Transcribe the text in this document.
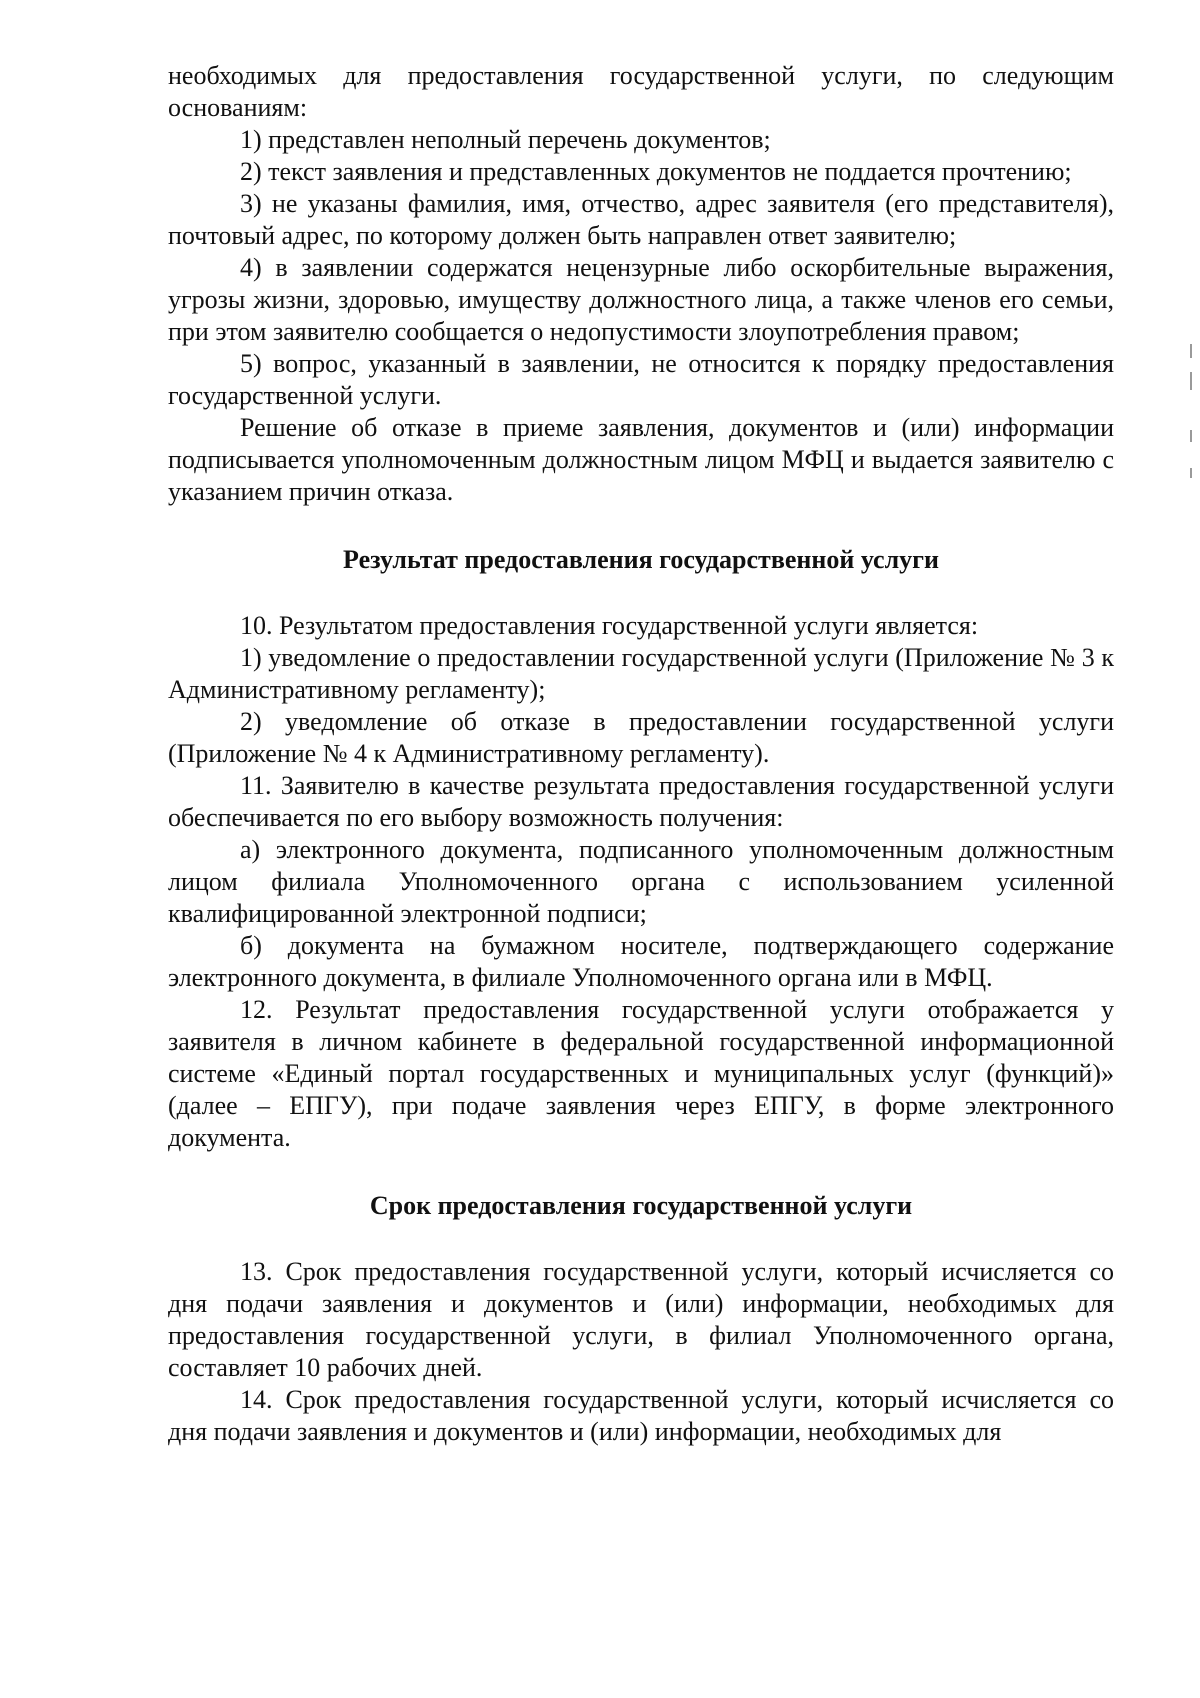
необходимых для предоставления государственной услуги, по следующим основаниям:

1) представлен неполный перечень документов;

2) текст заявления и представленных документов не поддается прочтению;

3) не указаны фамилия, имя, отчество, адрес заявителя (его представителя), почтовый адрес, по которому должен быть направлен ответ заявителю;

4) в заявлении содержатся нецензурные либо оскорбительные выражения, угрозы жизни, здоровью, имуществу должностного лица, а также членов его семьи, при этом заявителю сообщается о недопустимости злоупотребления правом;

5) вопрос, указанный в заявлении, не относится к порядку предоставления государственной услуги.

Решение об отказе в приеме заявления, документов и (или) информации подписывается уполномоченным должностным лицом МФЦ и выдается заявителю с указанием причин отказа.

Результат предоставления государственной услуги

10. Результатом предоставления государственной услуги является:

1) уведомление о предоставлении государственной услуги (Приложение № 3 к Административному регламенту);

2) уведомление об отказе в предоставлении государственной услуги (Приложение № 4 к Административному регламенту).

11. Заявителю в качестве результата предоставления государственной услуги обеспечивается по его выбору возможность получения:

а) электронного документа, подписанного уполномоченным должностным лицом филиала Уполномоченного органа с использованием усиленной квалифицированной электронной подписи;

б) документа на бумажном носителе, подтверждающего содержание электронного документа, в филиале Уполномоченного органа или в МФЦ.

12. Результат предоставления государственной услуги отображается у заявителя в личном кабинете в федеральной государственной информационной системе «Единый портал государственных и муниципальных услуг (функций)» (далее – ЕПГУ), при подаче заявления через ЕПГУ, в форме электронного документа.

Срок предоставления государственной услуги

13. Срок предоставления государственной услуги, который исчисляется со дня подачи заявления и документов и (или) информации, необходимых для предоставления государственной услуги, в филиал Уполномоченного органа, составляет 10 рабочих дней.

14. Срок предоставления государственной услуги, который исчисляется со дня подачи заявления и документов и (или) информации, необходимых для
